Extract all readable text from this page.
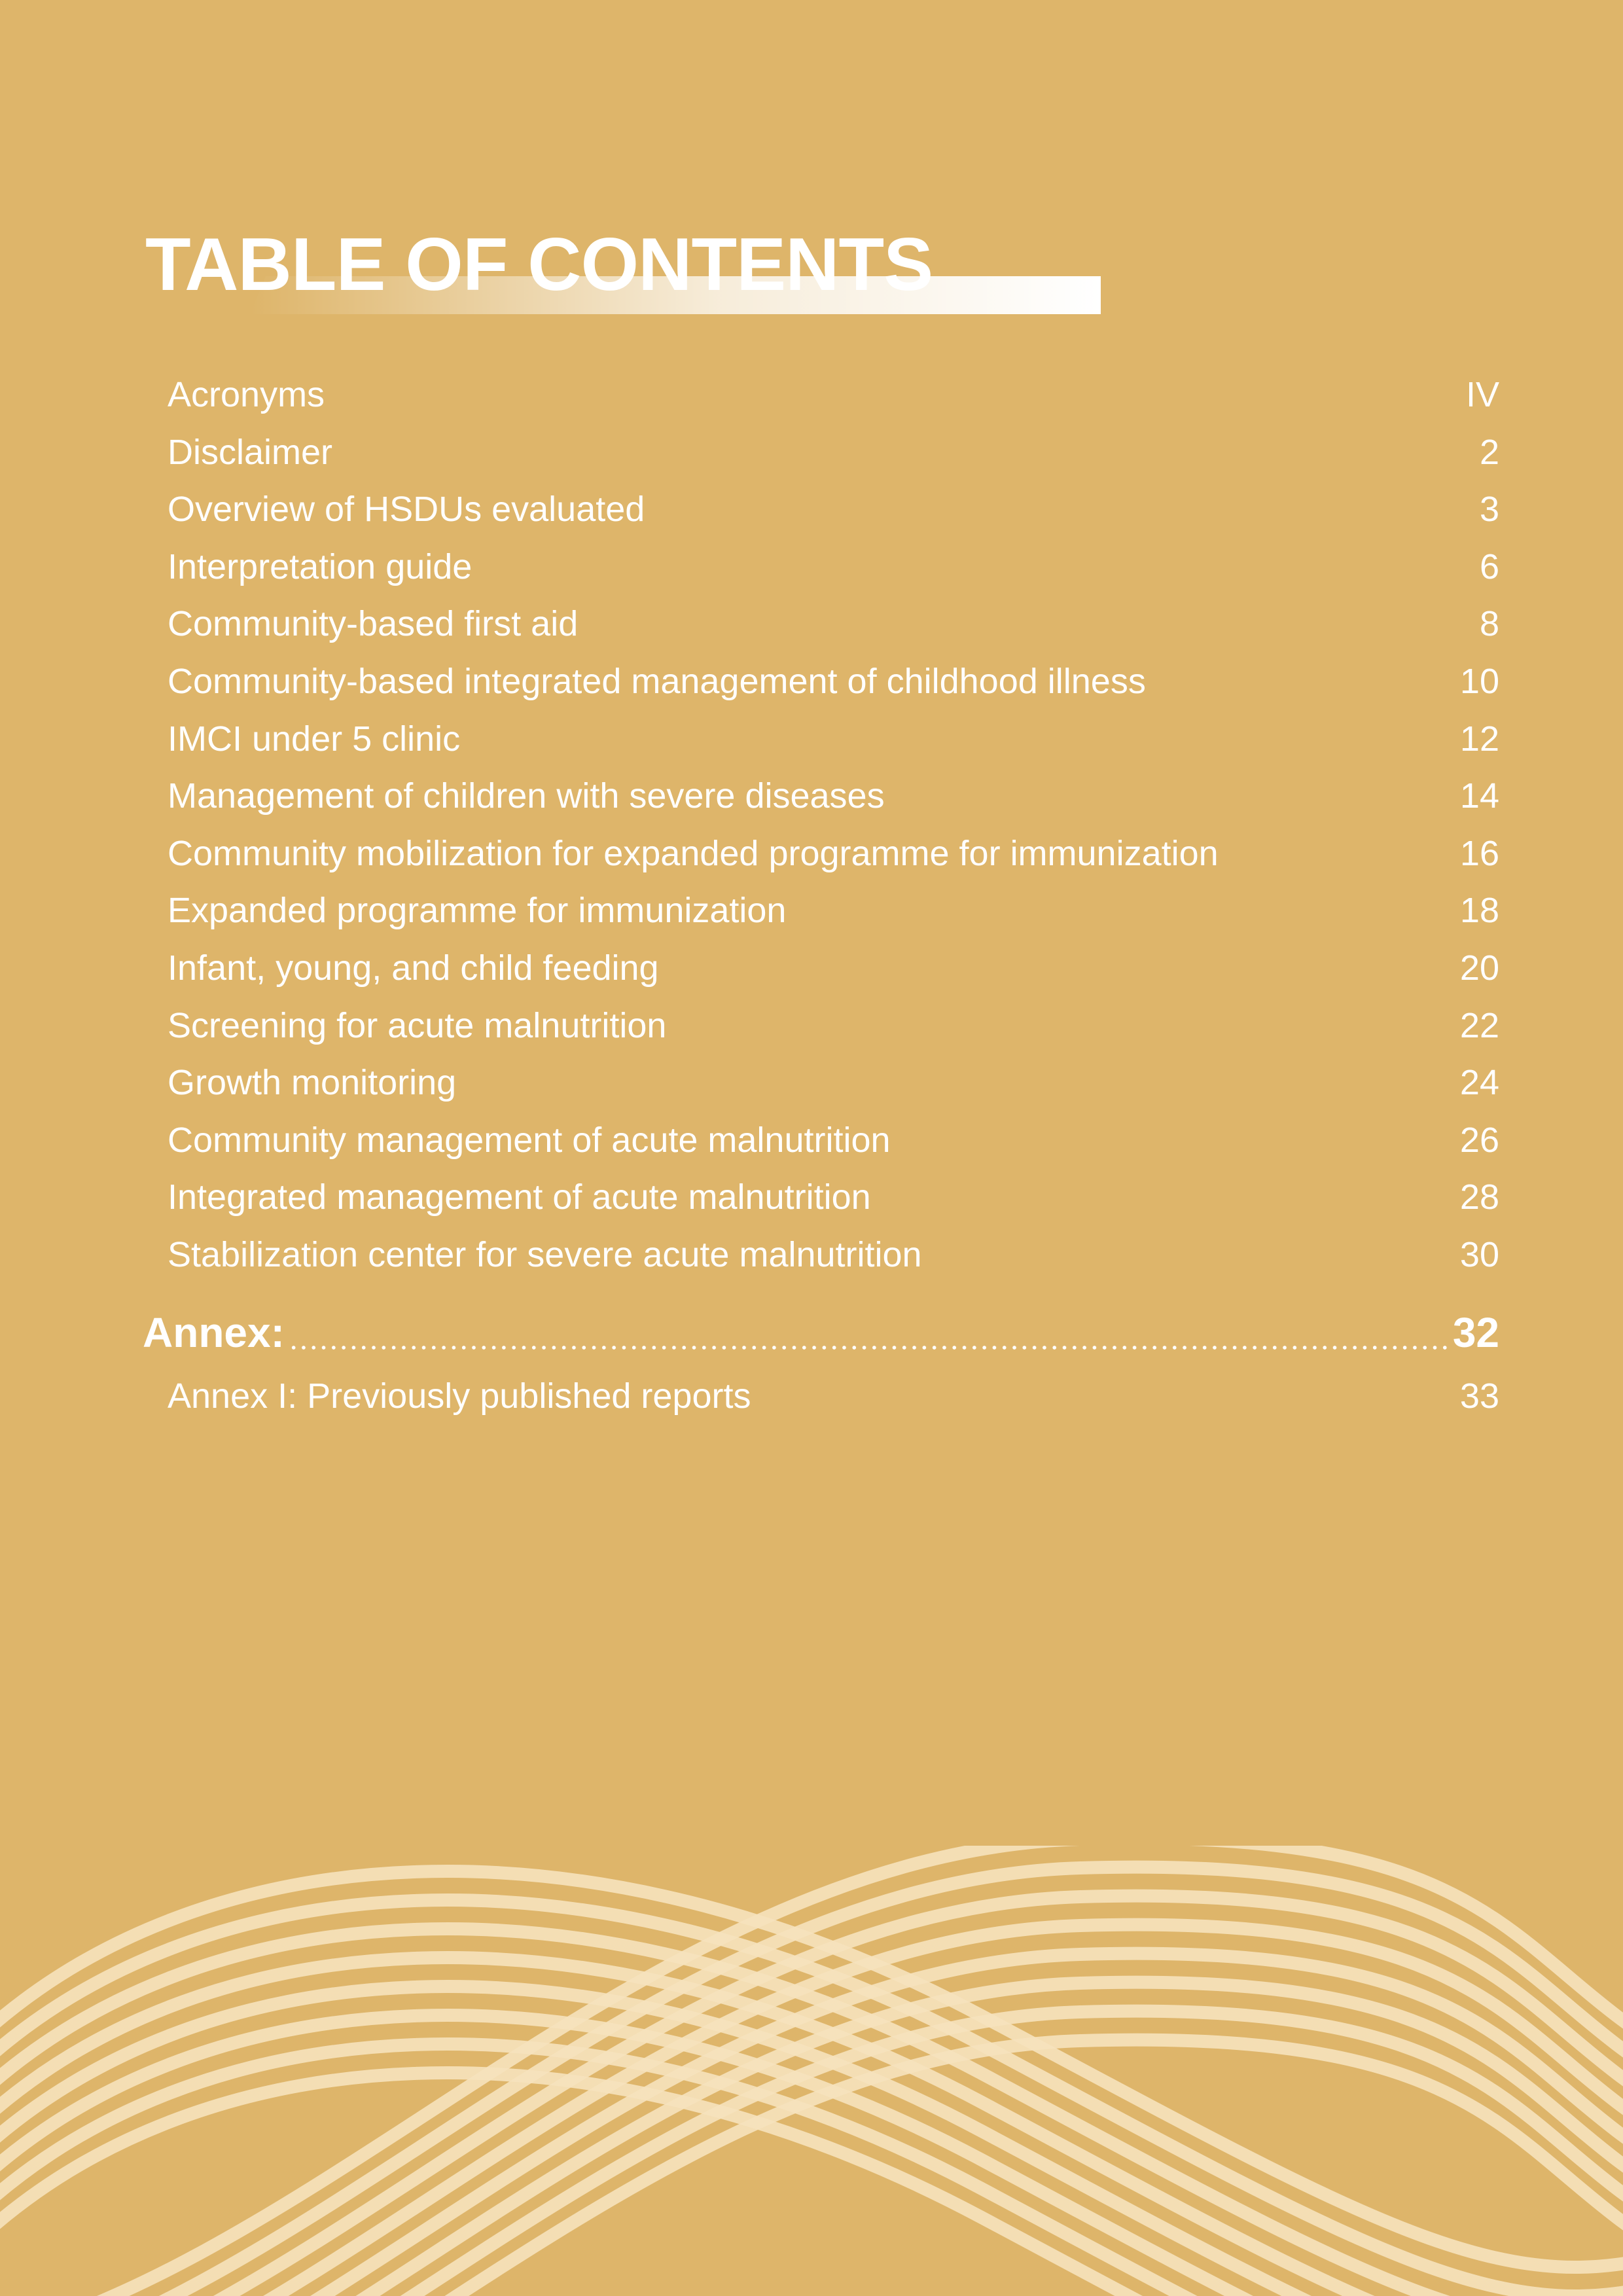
TABLE OF CONTENTS
Acronyms	IV
Disclaimer	2
Overview of HSDUs evaluated	3
Interpretation guide	6
Community-based first aid	8
Community-based integrated management of childhood illness	10
IMCI under 5 clinic	12
Management of children with severe diseases	14
Community mobilization for expanded programme for immunization	16
Expanded programme for immunization	18
Infant, young, and child feeding	20
Screening for acute malnutrition	22
Growth monitoring	24
Community management of acute malnutrition	26
Integrated management of acute malnutrition	28
Stabilization center for severe acute malnutrition	30
Annex:	32
Annex I: Previously published reports	33
